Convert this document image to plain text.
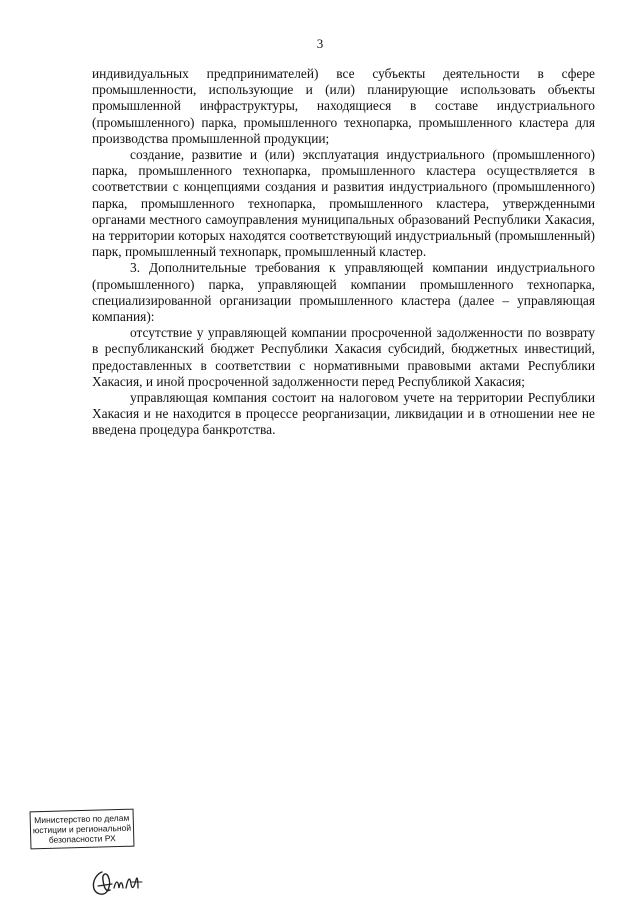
3

индивидуальных предпринимателей) все субъекты деятельности в сфере промышленности, использующие и (или) планирующие использовать объекты промышленной инфраструктуры, находящиеся в составе индустриального (промышленного) парка, промышленного технопарка, промышленного кластера для производства промышленной продукции;

создание, развитие и (или) эксплуатация индустриального (промышленного) парка, промышленного технопарка, промышленного кластера осуществляется в соответствии с концепциями создания и развития индустриального (промышленного) парка, промышленного технопарка, промышленного кластера, утвержденными органами местного самоуправления муниципальных образований Республики Хакасия, на территории которых находятся соответствующий индустриальный (промышленный) парк, промышленный технопарк, промышленный кластер.

3. Дополнительные требования к управляющей компании индустриального (промышленного) парка, управляющей компании промышленного технопарка, специализированной организации промышленного кластера (далее – управляющая компания):

отсутствие у управляющей компании просроченной задолженности по возврату в республиканский бюджет Республики Хакасия субсидий, бюджетных инвестиций, предоставленных в соответствии с нормативными правовыми актами Республики Хакасия, и иной просроченной задолженности перед Республикой Хакасия;

управляющая компания состоит на налоговом учете на территории Республики Хакасия и не находится в процессе реорганизации, ликвидации и в отношении нее не введена процедура банкротства.

Министерство по делам
юстиции и региональной
безопасности РХ
